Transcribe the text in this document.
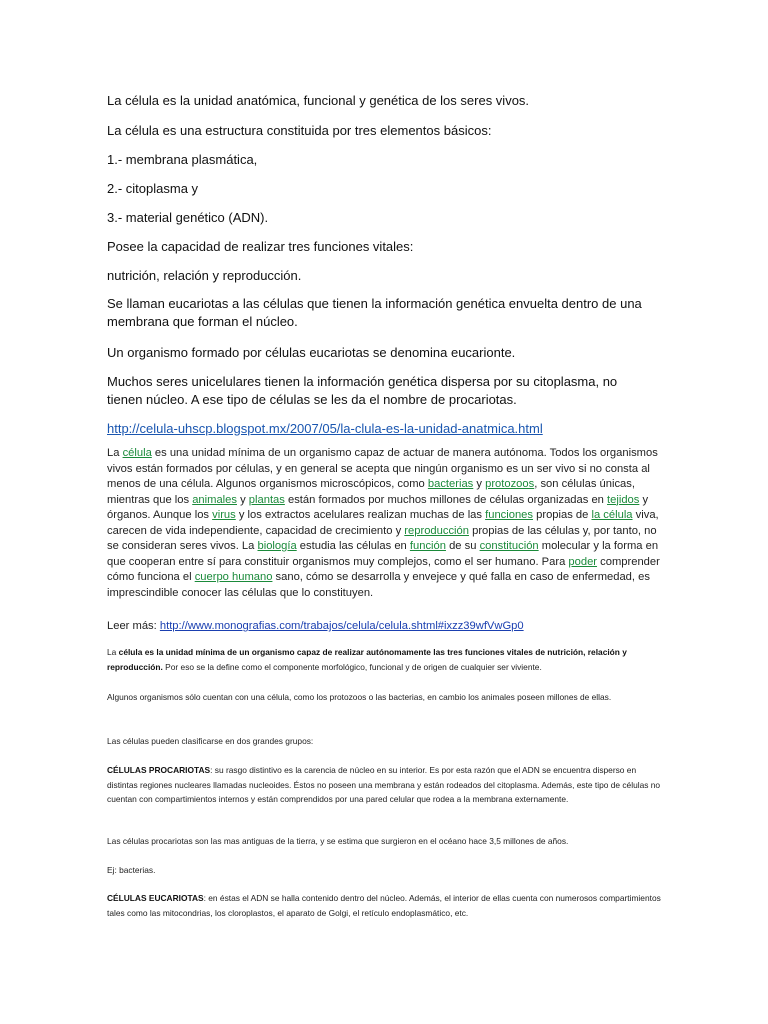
La célula es la unidad anatómica, funcional y genética de los seres vivos.
La célula es una estructura constituida por tres elementos básicos:
1.- membrana plasmática,
2.- citoplasma y
3.- material genético (ADN).
Posee la capacidad de realizar tres funciones vitales:
nutrición, relación y reproducción.
Se llaman eucariotas a las células que tienen la información genética envuelta dentro de una membrana que forman el núcleo.
Un organismo formado por células eucariotas se denomina eucarionte.
Muchos seres unicelulares tienen la información genética dispersa por su citoplasma, no tienen núcleo. A ese tipo de células se les da el nombre de procariotas.
http://celula-uhscp.blogspot.mx/2007/05/la-clula-es-la-unidad-anatmica.html
La célula es una unidad mínima de un organismo capaz de actuar de manera autónoma. Todos los organismos vivos están formados por células, y en general se acepta que ningún organismo es un ser vivo si no consta al menos de una célula. Algunos organismos microscópicos, como bacterias y protozoos, son células únicas, mientras que los animales y plantas están formados por muchos millones de células organizadas en tejidos y órganos. Aunque los virus y los extractos acelulares realizan muchas de las funciones propias de la célula viva, carecen de vida independiente, capacidad de crecimiento y reproducción propias de las células y, por tanto, no se consideran seres vivos. La biología estudia las células en función de su constitución molecular y la forma en que cooperan entre sí para constituir organismos muy complejos, como el ser humano. Para poder comprender cómo funciona el cuerpo humano sano, cómo se desarrolla y envejece y qué falla en caso de enfermedad, es imprescindible conocer las células que lo constituyen.
Leer más: http://www.monografias.com/trabajos/celula/celula.shtml#ixzz39wfVwGp0
La célula es la unidad mínima de un organismo capaz de realizar autónomamente las tres funciones vitales de nutrición, relación y reproducción. Por eso se la define como el componente morfológico, funcional y de origen de cualquier ser viviente.
Algunos organismos sólo cuentan con una célula, como los protozoos o las bacterias, en cambio los animales poseen millones de ellas.
Las células pueden clasificarse en dos grandes grupos:
CÉLULAS PROCARIOTAS: su rasgo distintivo es la carencia de núcleo en su interior. Es por esta razón que el ADN se encuentra disperso en distintas regiones nucleares llamadas nucleoides. Éstos no poseen una membrana y están rodeados del citoplasma. Además, este tipo de células no cuentan con compartimientos internos y están comprendidos por una pared celular que rodea a la membrana externamente.
Las células procariotas son las mas antiguas de la tierra, y se estima que surgieron en el océano hace 3,5 millones de años.
Ej: bacterias.
CÉLULAS EUCARIOTAS: en éstas el ADN se halla contenido dentro del núcleo. Además, el interior de ellas cuenta con numerosos compartimientos tales como las mitocondrias, los cloroplastos, el aparato de Golgi, el retículo endoplasmático, etc.
